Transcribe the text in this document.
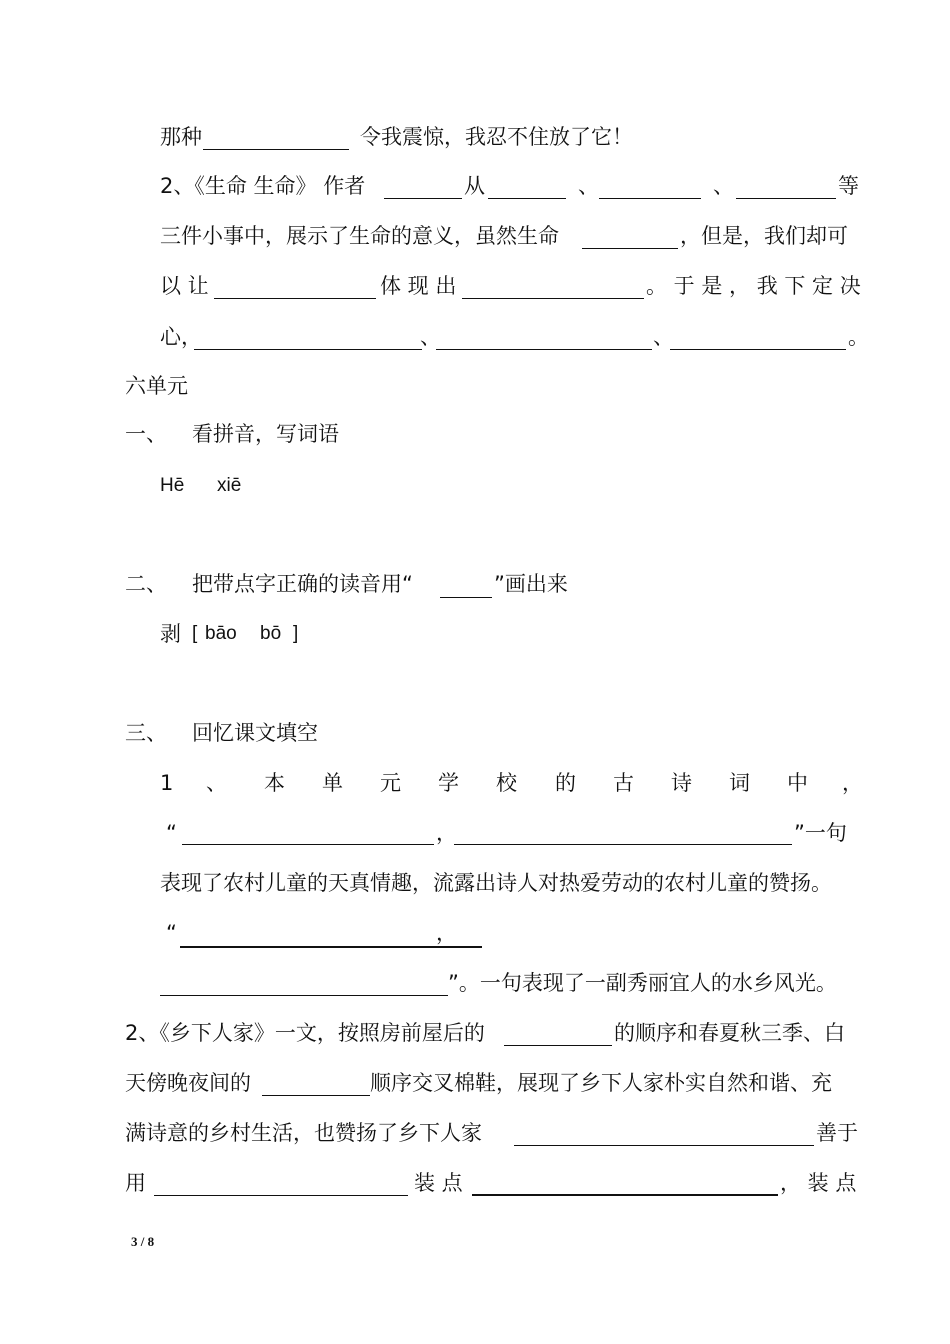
那种	令我震惊，我忍不住放了它！
2、《生命 生命》 作者	从	、	、	等
三件小事中，展示了生命的意义，虽然生命	，但是，我们却可
以 让	体 现 出	。 于 是 ， 我 下 定 决
心，	、	、	。
六单元
一、 看拼音，写词语
Hē xiē
二、 把带点字正确的读音用“	”画出来
剥 [ bāo bō ]
三、 回忆课文填空
1 、 本 单 元 学 校 的 古 诗 词 中 ，
“	，	”一句
表现了农村儿童的天真情趣，流露出诗人对热爱劳动的农村儿童的赞扬。
“	，
”。一句表现了一副秀丽宜人的水乡风光。
2、《乡下人家》一文，按照房前屋后的	的顺序和春夏秋三季、白
天傍晚夜间的	顺序交叉棉鞋，展现了乡下人家朴实自然和谐、充
满诗意的乡村生活，也赞扬了乡下人家	善于
用	装 点	， 装 点
3 / 8
